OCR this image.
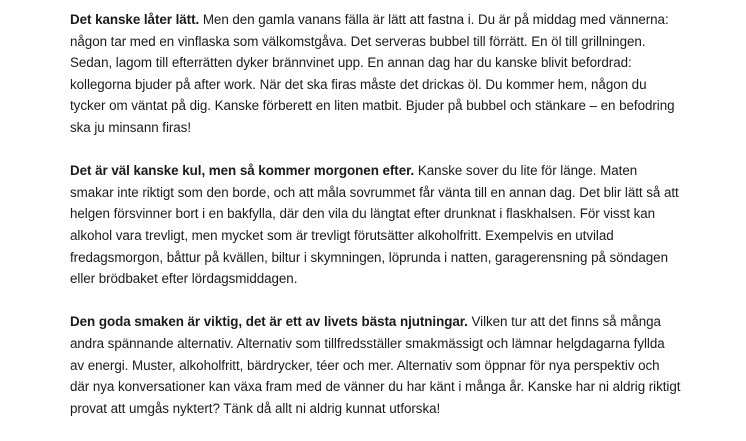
Det kanske låter lätt. Men den gamla vanans fälla är lätt att fastna i. Du är på middag med vännerna: någon tar med en vinflaska som välkomstgåva. Det serveras bubbel till förrätt. En öl till grillningen. Sedan, lagom till efterrätten dyker brännvinet upp. En annan dag har du kanske blivit befordrad: kollegorna bjuder på after work. När det ska firas måste det drickas öl. Du kommer hem, någon du tycker om väntat på dig. Kanske förberett en liten matbit. Bjuder på bubbel och stänkare – en befodring ska ju minsann firas!

Det är väl kanske kul, men så kommer morgonen efter. Kanske sover du lite för länge. Maten smakar inte riktigt som den borde, och att måla sovrummet får vänta till en annan dag. Det blir lätt så att helgen försvinner bort i en bakfylla, där den vila du längtat efter drunknat i flaskhalsen. För visst kan alkohol vara trevligt, men mycket som är trevligt förutsätter alkoholfritt. Exempelvis en utvilad fredagsmorgon, båttur på kvällen, biltur i skymningen, löprunda i natten, garagerensning på söndagen eller brödbaket efter lördagsmiddagen.

Den goda smaken är viktig, det är ett av livets bästa njutningar. Vilken tur att det finns så många andra spännande alternativ. Alternativ som tillfredsställer smakmässigt och lämnar helgdagarna fyllda av energi. Muster, alkoholfritt, bärdrycker, téer och mer. Alternativ som öppnar för nya perspektiv och där nya konversationer kan växa fram med de vänner du har känt i många år. Kanske har ni aldrig riktigt provat att umgås nyktert? Tänk då allt ni aldrig kunnat utforska!
